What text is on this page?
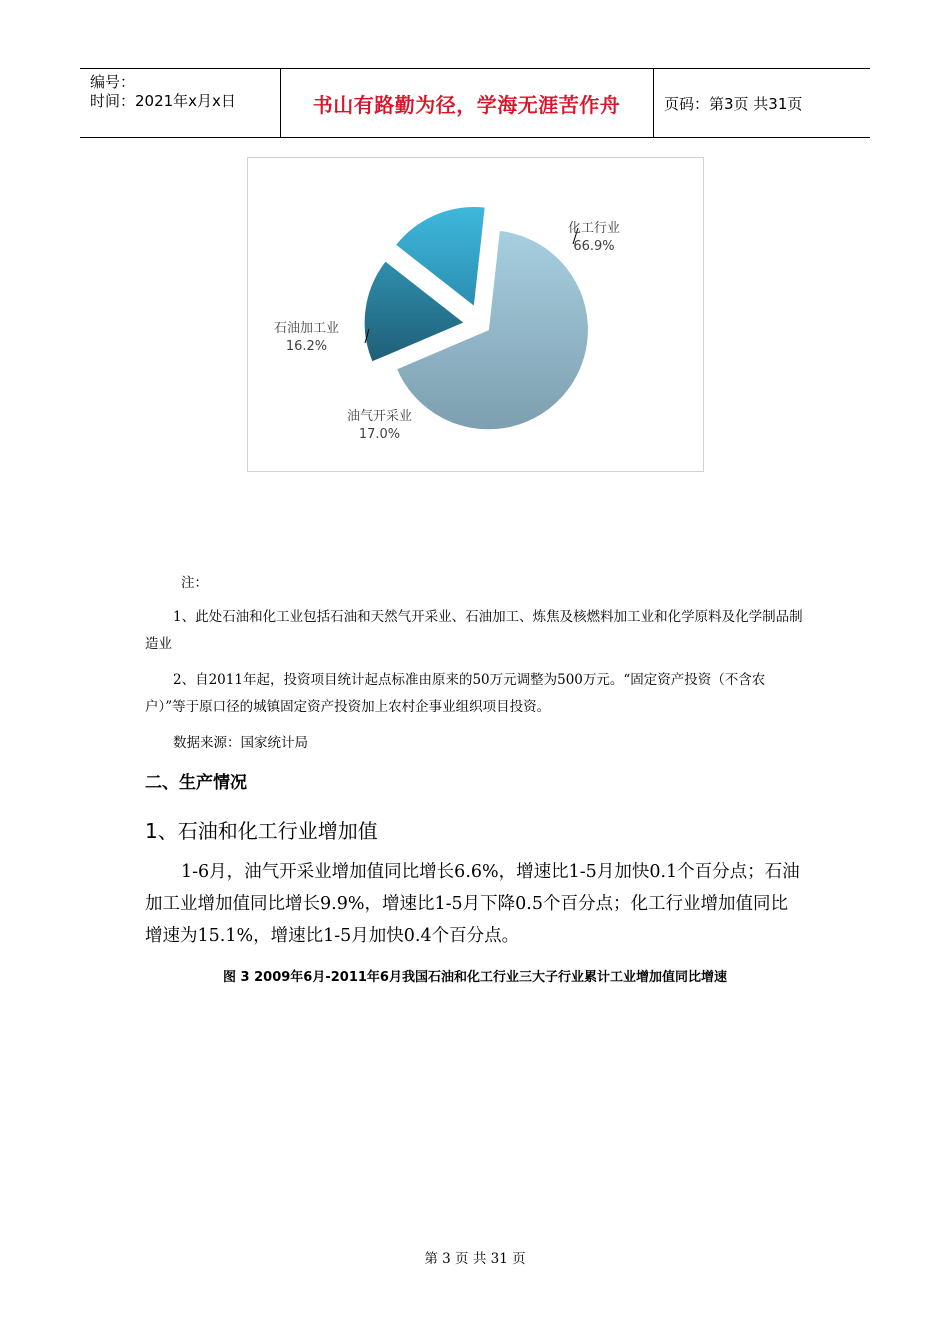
编号：
时间：2021年x月x日	书山有路勤为径，学海无涯苦作舟	页码：第3页 共31页
化工行业
66.9%
石油加工业
16.2%
油气开采业
17.0%
注：
1、此处石油和化工业包括石油和天然气开采业、石油加工、炼焦及核燃料加工业和化学原料及化学制品制造业
2、自2011年起，投资项目统计起点标准由原来的50万元调整为500万元。“固定资产投资（不含农户）”等于原口径的城镇固定资产投资加上农村企事业组织项目投资。
数据来源：国家统计局
二、生产情况
1、石油和化工行业增加值
1-6月，油气开采业增加值同比增长6.6%，增速比1-5月加快0.1个百分点；石油加工业增加值同比增长9.9%，增速比1-5月下降0.5个百分点；化工行业增加值同比增速为15.1%，增速比1-5月加快0.4个百分点。
图 3 2009年6月-2011年6月我国石油和化工行业三大子行业累计工业增加值同比增速
第 3 页 共 31 页
